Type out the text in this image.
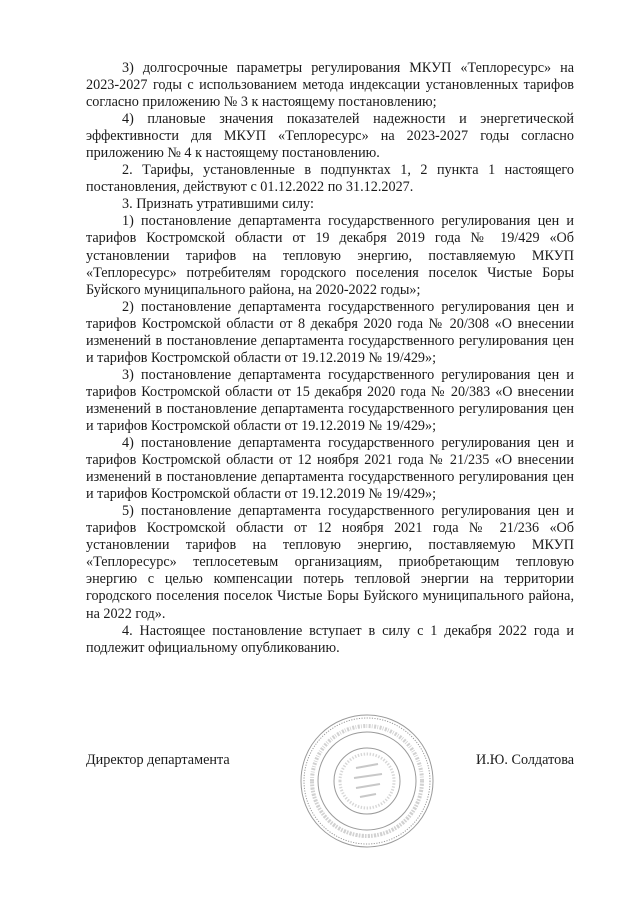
3) долгосрочные параметры регулирования МКУП «Теплоресурс» на 2023-2027 годы с использованием метода индексации установленных тарифов согласно приложению № 3 к настоящему постановлению;

4) плановые значения показателей надежности и энергетической эффективности для МКУП «Теплоресурс» на 2023-2027 годы согласно приложению № 4 к настоящему постановлению.

2. Тарифы, установленные в подпунктах 1, 2 пункта 1 настоящего постановления, действуют с 01.12.2022 по 31.12.2027.

3. Признать утратившими силу:

1) постановление департамента государственного регулирования цен и тарифов Костромской области от 19 декабря 2019 года № 19/429 «Об установлении тарифов на тепловую энергию, поставляемую МКУП «Теплоресурс» потребителям городского поселения поселок Чистые Боры Буйского муниципального района, на 2020-2022 годы»;

2) постановление департамента государственного регулирования цен и тарифов Костромской области от 8 декабря 2020 года № 20/308 «О внесении изменений в постановление департамента государственного регулирования цен и тарифов Костромской области от 19.12.2019 № 19/429»;

3) постановление департамента государственного регулирования цен и тарифов Костромской области от 15 декабря 2020 года № 20/383 «О внесении изменений в постановление департамента государственного регулирования цен и тарифов Костромской области от 19.12.2019 № 19/429»;

4) постановление департамента государственного регулирования цен и тарифов Костромской области от 12 ноября 2021 года № 21/235 «О внесении изменений в постановление департамента государственного регулирования цен и тарифов Костромской области от 19.12.2019 № 19/429»;

5) постановление департамента государственного регулирования цен и тарифов Костромской области от 12 ноября 2021 года № 21/236 «Об установлении тарифов на тепловую энергию, поставляемую МКУП «Теплоресурс» теплосетевым организациям, приобретающим тепловую энергию с целью компенсации потерь тепловой энергии на территории городского поселения поселок Чистые Боры Буйского муниципального района, на 2022 год».

4. Настоящее постановление вступает в силу с 1 декабря 2022 года и подлежит официальному опубликованию.

Директор департамента	И.Ю. Солдатова
